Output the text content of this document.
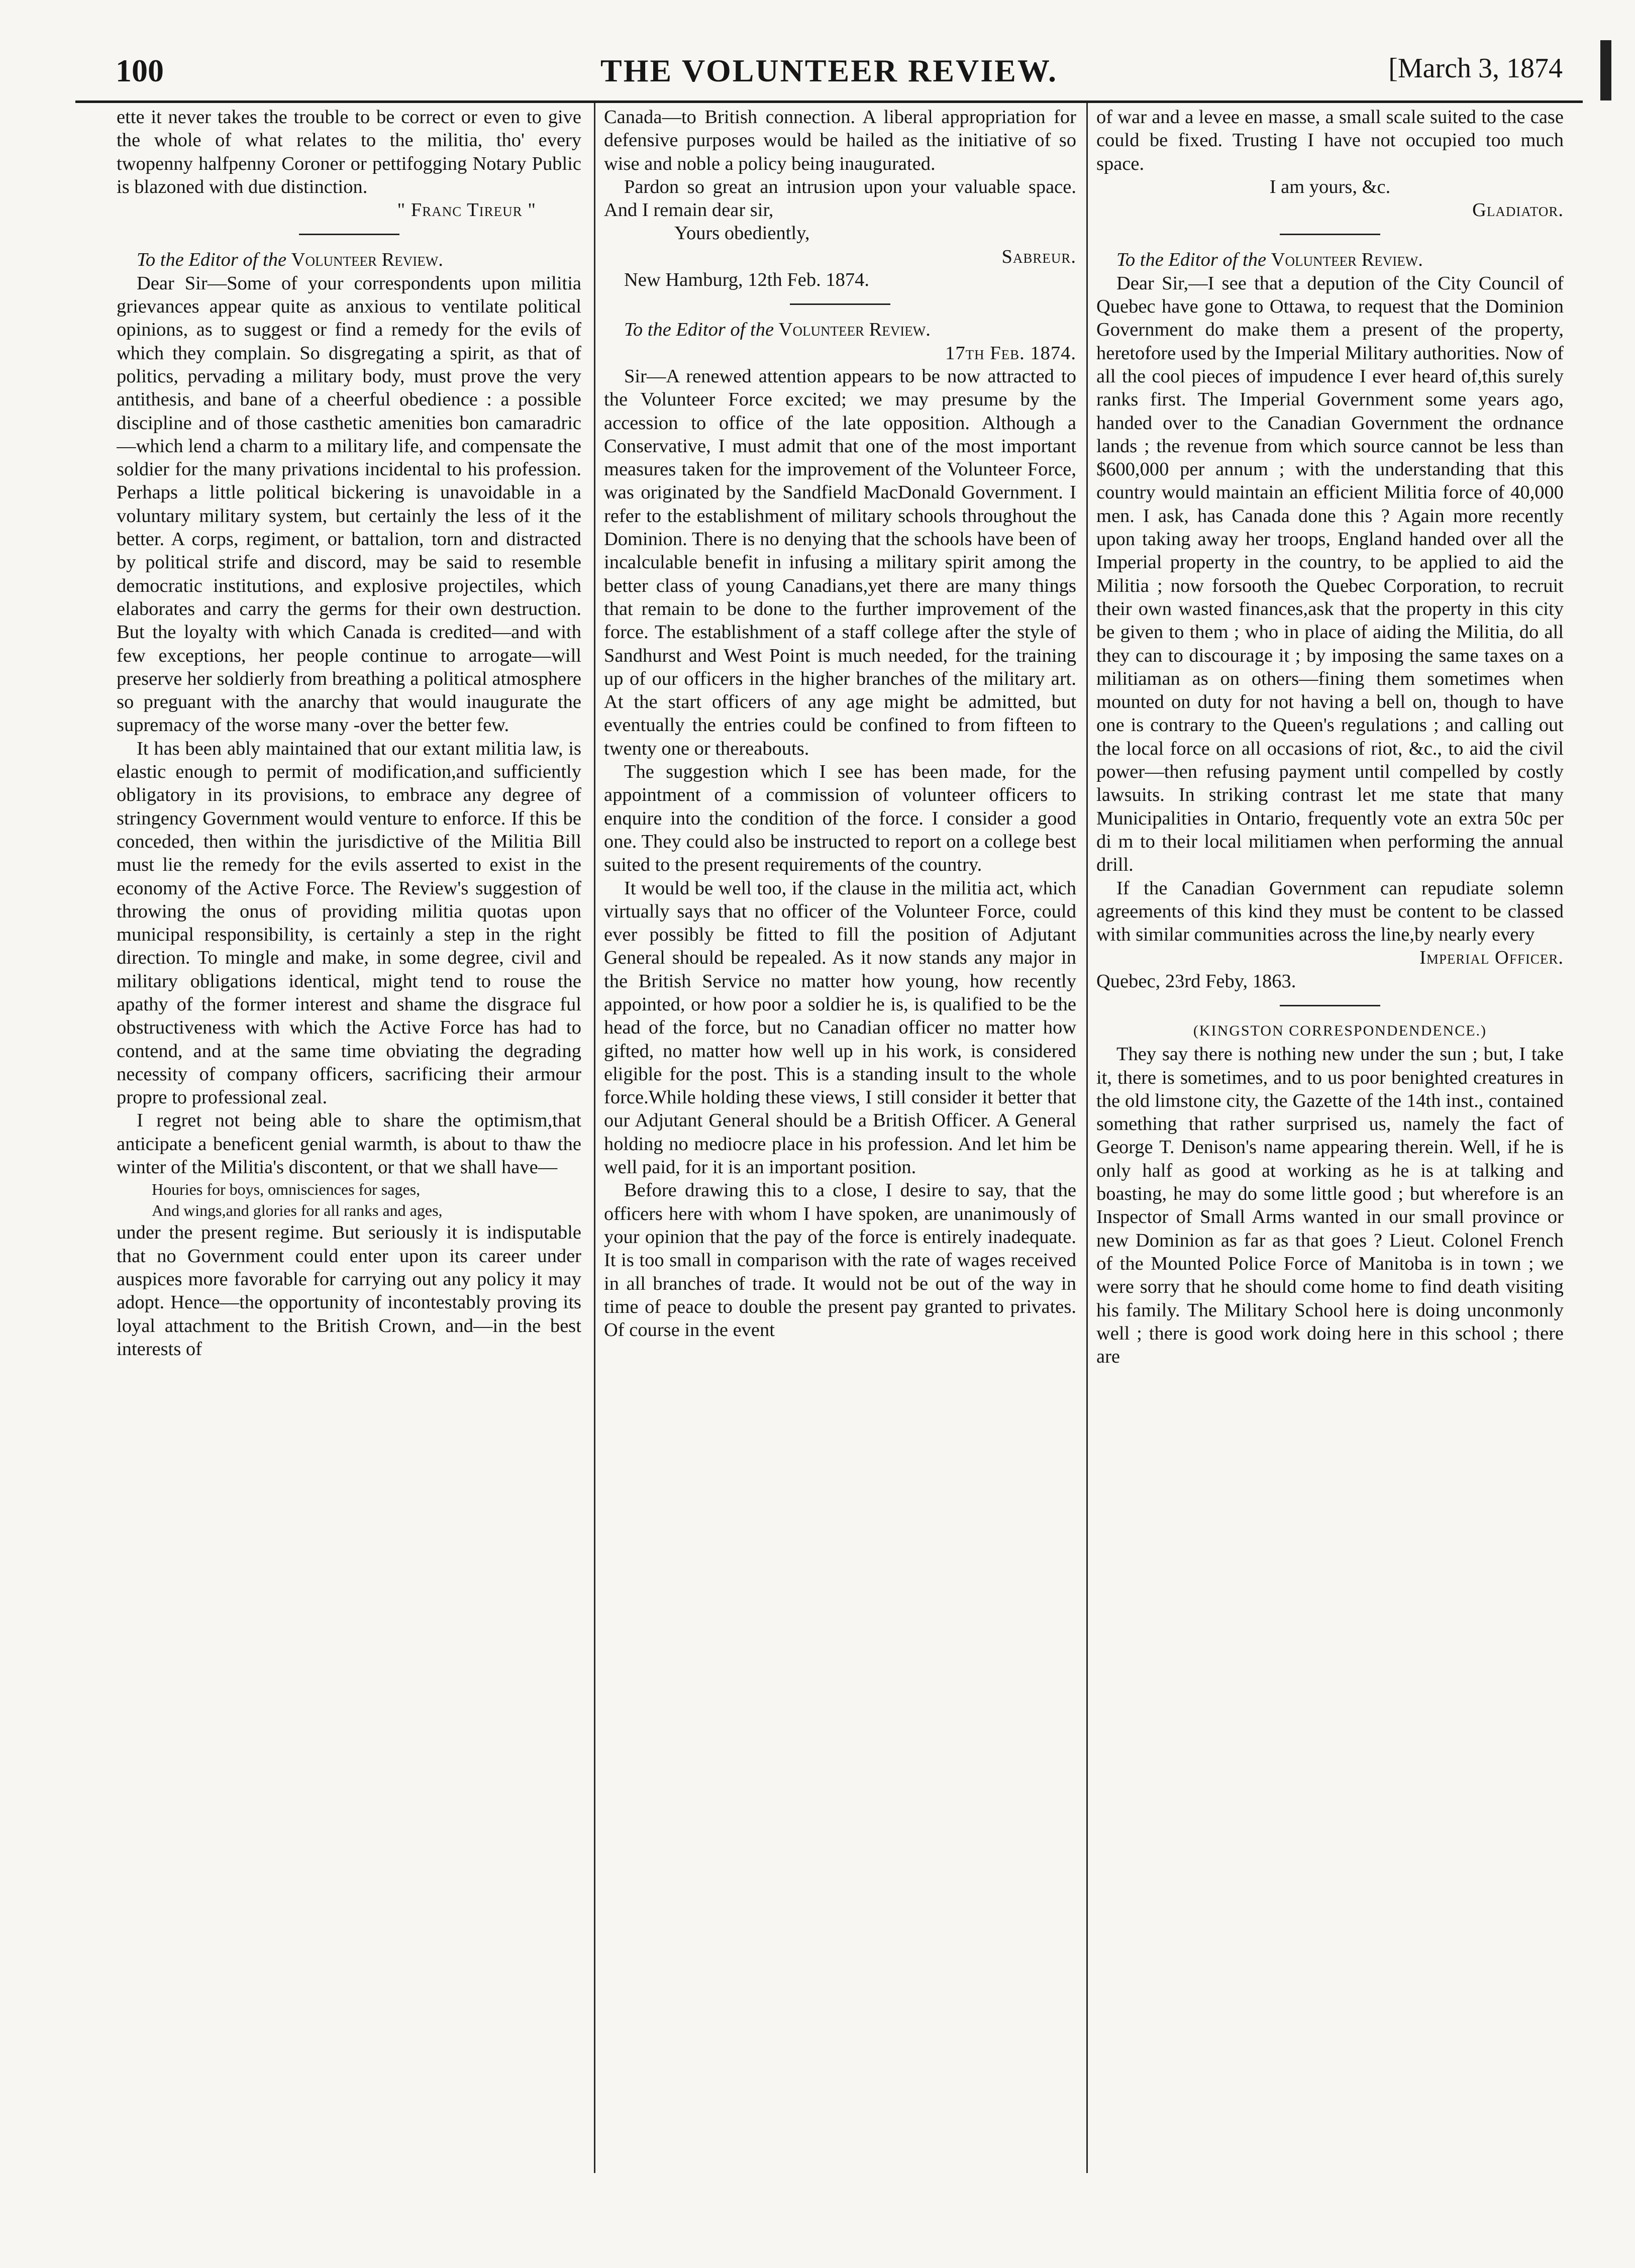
100	THE VOLUNTEER REVIEW.	[March 3, 1874

ette it never takes the trouble to be correct or even to give the whole of what relates to the militia, tho' every twopenny halfpenny Coroner or pettifogging Notary Public is blazoned with due distinction.

" Franc Tireur "

To the Editor of the Volunteer Review.

Dear Sir—Some of your correspondents upon militia grievances appear quite as anxious to ventilate political opinions, as to suggest or find a remedy for the evils of which they complain. So disgregating a spirit, as that of politics, pervading a military body, must prove the very antithesis, and bane of a cheerful obedience : a possible discipline and of those casthetic amenities bon camaradric—which lend a charm to a military life, and compensate the soldier for the many privations incidental to his profession. Perhaps a little political bickering is unavoidable in a voluntary military system, but certainly the less of it the better. A corps, regiment, or battalion, torn and distracted by political strife and discord, may be said to resemble democratic institutions, and explosive projectiles, which elaborates and carry the germs for their own destruction. But the loyalty with which Canada is credited—and with few exceptions, her people continue to arrogate—will preserve her soldierly from breathing a political atmosphere so preguant with the anarchy that would inaugurate the supremacy of the worse many -over the better few.

It has been ably maintained that our extant militia law, is elastic enough to permit of modification,and sufficiently obligatory in its provisions, to embrace any degree of stringency Government would venture to enforce. If this be conceded, then within the jurisdictive of the Militia Bill must lie the remedy for the evils asserted to exist in the economy of the Active Force. The Review's suggestion of throwing the onus of providing militia quotas upon municipal responsibility, is certainly a step in the right direction. To mingle and make, in some degree, civil and military obligations identical, might tend to rouse the apathy of the former interest and shame the disgrace ful obstructiveness with which the Active Force has had to contend, and at the same time obviating the degrading necessity of company officers, sacrificing their armour propre to professional zeal.

I regret not being able to share the optimism,that anticipate a beneficent genial warmth, is about to thaw the winter of the Militia's discontent, or that we shall have—

Houries for boys, omnisciences for sages,

And wings,and glories for all ranks and ages,

under the present regime. But seriously it is indisputable that no Government could enter upon its career under auspices more favorable for carrying out any policy it may adopt. Hence—the opportunity of incontestably proving its loyal attachment to the British Crown, and—in the best interests of

Canada—to British connection. A liberal appropriation for defensive purposes would be hailed as the initiative of so wise and noble a policy being inaugurated.

Pardon so great an intrusion upon your valuable space. And I remain dear sir,

Yours obediently,

Sabreur.

New Hamburg, 12th Feb. 1874.

To the Editor of the Volunteer Review.

17th Feb. 1874.

Sir—A renewed attention appears to be now attracted to the Volunteer Force excited; we may presume by the accession to office of the late opposition. Although a Conservative, I must admit that one of the most important measures taken for the improvement of the Volunteer Force, was originated by the Sandfield MacDonald Government. I refer to the establishment of military schools throughout the Dominion. There is no denying that the schools have been of incalculable benefit in infusing a military spirit among the better class of young Canadians,yet there are many things that remain to be done to the further improvement of the force. The establishment of a staff college after the style of Sandhurst and West Point is much needed, for the training up of our officers in the higher branches of the military art. At the start officers of any age might be admitted, but eventually the entries could be confined to from fifteen to twenty one or thereabouts.

The suggestion which I see has been made, for the appointment of a commission of volunteer officers to enquire into the condition of the force. I consider a good one. They could also be instructed to report on a college best suited to the present requirements of the country.

It would be well too, if the clause in the militia act, which virtually says that no officer of the Volunteer Force, could ever possibly be fitted to fill the position of Adjutant General should be repealed. As it now stands any major in the British Service no matter how young, how recently appointed, or how poor a soldier he is, is qualified to be the head of the force, but no Canadian officer no matter how gifted, no matter how well up in his work, is considered eligible for the post. This is a standing insult to the whole force.While holding these views, I still consider it better that our Adjutant General should be a British Officer. A General holding no mediocre place in his profession. And let him be well paid, for it is an important position.

Before drawing this to a close, I desire to say, that the officers here with whom I have spoken, are unanimously of your opinion that the pay of the force is entirely inadequate. It is too small in comparison with the rate of wages received in all branches of trade. It would not be out of the way in time of peace to double the present pay granted to privates. Of course in the event

of war and a levee en masse, a small scale suited to the case could be fixed. Trusting I have not occupied too much space.

I am yours, &c.

Gladiator.

To the Editor of the Volunteer Review.

Dear Sir,—I see that a depution of the City Council of Quebec have gone to Ottawa, to request that the Dominion Government do make them a present of the property, heretofore used by the Imperial Military authorities. Now of all the cool pieces of impudence I ever heard of,this surely ranks first. The Imperial Government some years ago, handed over to the Canadian Government the ordnance lands ; the revenue from which source cannot be less than $600,000 per annum ; with the understanding that this country would maintain an efficient Militia force of 40,000 men. I ask, has Canada done this ? Again more recently upon taking away her troops, England handed over all the Imperial property in the country, to be applied to aid the Militia ; now forsooth the Quebec Corporation, to recruit their own wasted finances,ask that the property in this city be given to them ; who in place of aiding the Militia, do all they can to discourage it ; by imposing the same taxes on a militiaman as on others—fining them sometimes when mounted on duty for not having a bell on, though to have one is contrary to the Queen's regulations ; and calling out the local force on all occasions of riot, &c., to aid the civil power—then refusing payment until compelled by costly lawsuits. In striking contrast let me state that many Municipalities in Ontario, frequently vote an extra 50c per di m to their local militiamen when performing the annual drill.

If the Canadian Government can repudiate solemn agreements of this kind they must be content to be classed with similar communities across the line,by nearly every

Imperial Officer.

Quebec, 23rd Feby, 1863.

(KINGSTON CORRESPONDENDENCE.)

They say there is nothing new under the sun ; but, I take it, there is sometimes, and to us poor benighted creatures in the old limstone city, the Gazette of the 14th inst., contained something that rather surprised us, namely the fact of George T. Denison's name appearing therein. Well, if he is only half as good at working as he is at talking and boasting, he may do some little good ; but wherefore is an Inspector of Small Arms wanted in our small province or new Dominion as far as that goes ? Lieut. Colonel French of the Mounted Police Force of Manitoba is in town ; we were sorry that he should come home to find death visiting his family. The Military School here is doing unconmonly well ; there is good work doing here in this school ; there are
